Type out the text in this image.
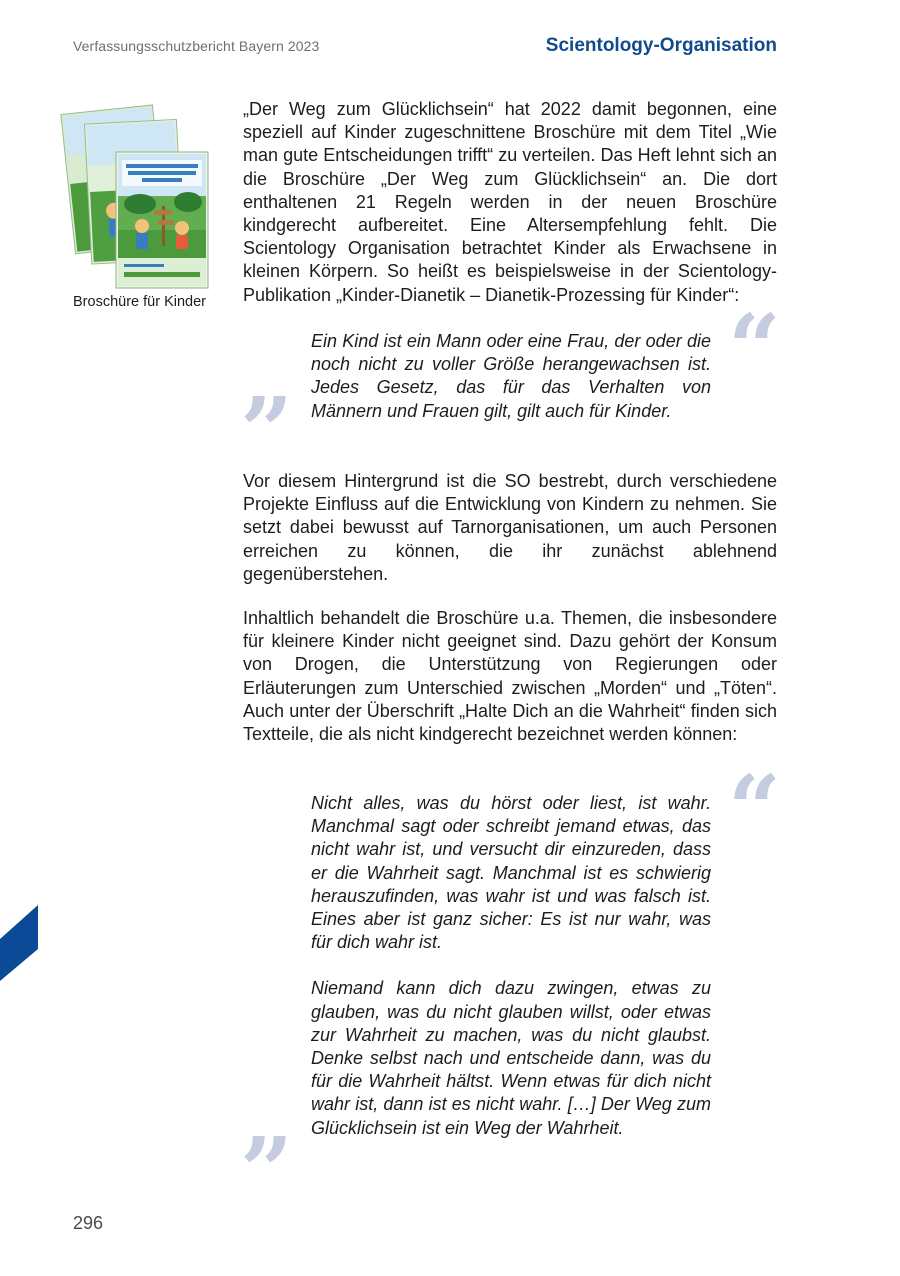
Verfassungsschutzbericht Bayern 2023	Scientology-Organisation
Broschüre für Kinder

„Der Weg zum Glücklichsein“ hat 2022 damit begonnen, eine speziell auf Kinder zugeschnittene Broschüre mit dem Titel „Wie man gute Entscheidungen trifft“ zu verteilen. Das Heft lehnt sich an die Broschüre „Der Weg zum Glücklichsein“ an. Die dort enthaltenen 21 Regeln werden in der neuen Broschüre kindgerecht aufbereitet. Eine Altersempfehlung fehlt. Die Scientology Organisation betrachtet Kinder als Erwachsene in kleinen Körpern. So heißt es beispielsweise in der Scientology-Publikation „Kinder-Dianetik – Dianetik-Prozessing für Kinder“:

“

Ein Kind ist ein Mann oder eine Frau, der oder die noch nicht zu voller Größe herangewachsen ist. Jedes Gesetz, das für das Verhalten von Männern und Frauen gilt, gilt auch für Kinder.

”

Vor diesem Hintergrund ist die SO bestrebt, durch verschiedene Projekte Einfluss auf die Entwicklung von Kindern zu nehmen. Sie setzt dabei bewusst auf Tarnorganisationen, um auch Personen erreichen zu können, die ihr zunächst ablehnend gegenüberstehen.

Inhaltlich behandelt die Broschüre u.a. Themen, die insbesondere für kleinere Kinder nicht geeignet sind. Dazu gehört der Konsum von Drogen, die Unterstützung von Regierungen oder Erläuterungen zum Unterschied zwischen „Morden“ und „Töten“. Auch unter der Überschrift „Halte Dich an die Wahrheit“ finden sich Textteile, die als nicht kindgerecht bezeichnet werden können:

“

Nicht alles, was du hörst oder liest, ist wahr. Manchmal sagt oder schreibt jemand etwas, das nicht wahr ist, und versucht dir einzureden, dass er die Wahrheit sagt. Manchmal ist es schwierig herauszufinden, was wahr ist und was falsch ist. Eines aber ist ganz sicher: Es ist nur wahr, was für dich wahr ist.

Niemand kann dich dazu zwingen, etwas zu glauben, was du nicht glauben willst, oder etwas zur Wahrheit zu machen, was du nicht glaubst. Denke selbst nach und entscheide dann, was du für die Wahrheit hältst. Wenn etwas für dich nicht wahr ist, dann ist es nicht wahr. […] Der Weg zum Glücklichsein ist ein Weg der Wahrheit.

”
296
